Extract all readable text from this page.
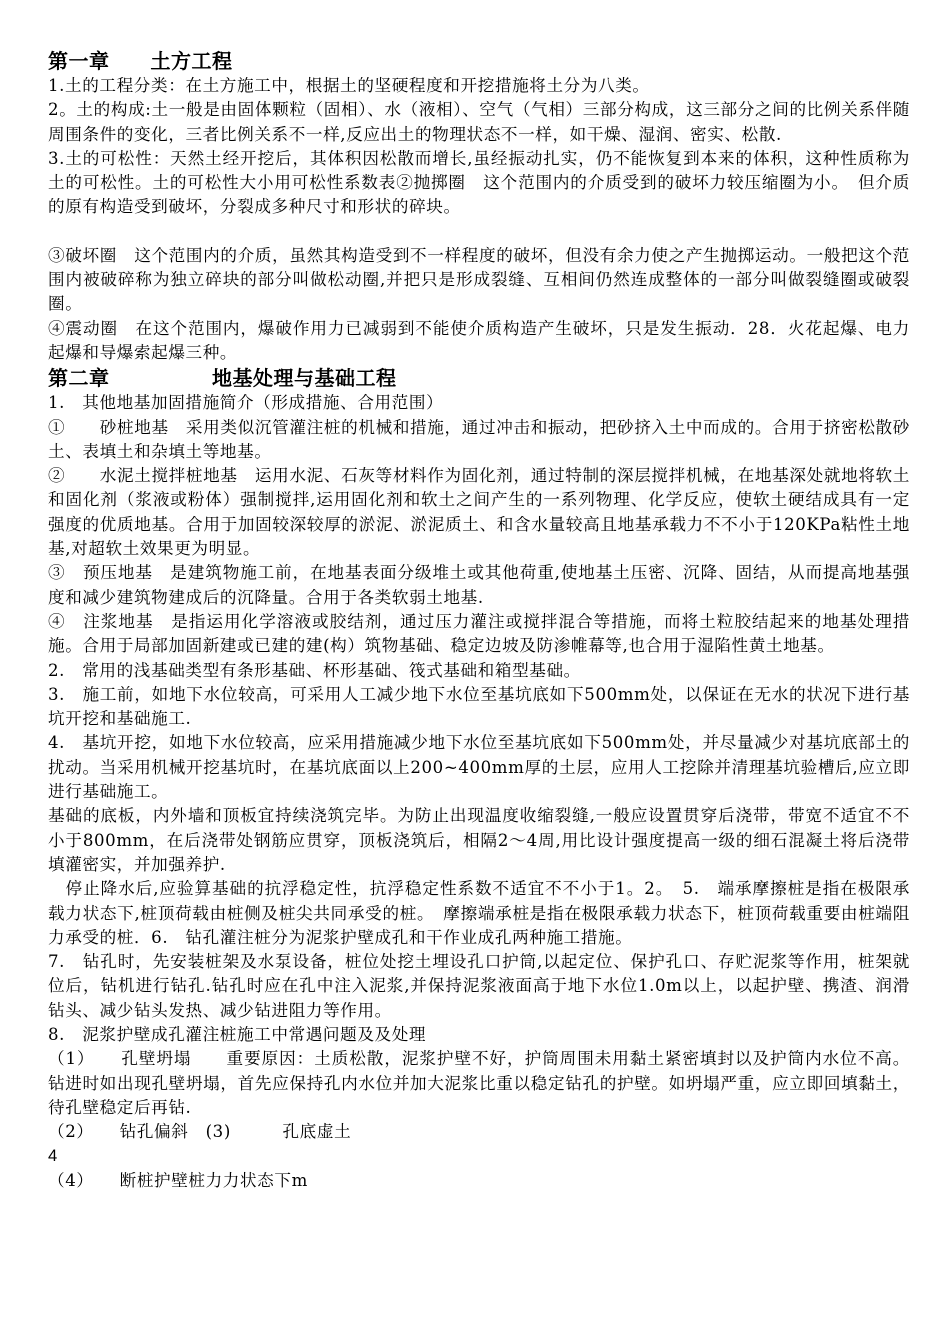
第一章　　土方工程

1.土的工程分类：在土方施工中，根据土的坚硬程度和开挖措施将土分为八类。

2。土的构成:土一般是由固体颗粒（固相）、水（液相）、空气（气相）三部分构成，这三部分之间的比例关系伴随周围条件的变化，三者比例关系不一样,反应出土的物理状态不一样，如干燥、湿润、密实、松散.

3.土的可松性：天然土经开挖后，其体积因松散而增长,虽经振动扎实，仍不能恢复到本来的体积，这种性质称为土的可松性。土的可松性大小用可松性系数表②抛掷圈　这个范围内的介质受到的破坏力较压缩圈为小。　但介质的原有构造受到破坏，分裂成多种尺寸和形状的碎块。

③破坏圈　这个范围内的介质，虽然其构造受到不一样程度的破坏，但没有余力使之产生抛掷运动。一般把这个范围内被破碎称为独立碎块的部分叫做松动圈,并把只是形成裂缝、互相间仍然连成整体的一部分叫做裂缝圈或破裂圈。

④震动圈　在这个范围内，爆破作用力已减弱到不能使介质构造产生破坏，只是发生振动．28．火花起爆、电力起爆和导爆索起爆三种。

第二章　　　　　地基处理与基础工程

1.　其他地基加固措施简介（形成措施、合用范围）

①　　砂桩地基　采用类似沉管灌注桩的机械和措施，通过冲击和振动，把砂挤入土中而成的。合用于挤密松散砂土、表填土和杂填土等地基。

②　　水泥土搅拌桩地基　运用水泥、石灰等材料作为固化剂，通过特制的深层搅拌机械，在地基深处就地将软土和固化剂（浆液或粉体）强制搅拌,运用固化剂和软土之间产生的一系列物理、化学反应，使软土硬结成具有一定强度的优质地基。合用于加固较深较厚的淤泥、淤泥质土、和含水量较高且地基承载力不不小于120KPa粘性土地基,对超软土效果更为明显。

③　预压地基　是建筑物施工前，在地基表面分级堆土或其他荷重,使地基土压密、沉降、固结，从而提高地基强度和减少建筑物建成后的沉降量。合用于各类软弱土地基.

④　注浆地基　是指运用化学溶液或胶结剂，通过压力灌注或搅拌混合等措施，而将土粒胶结起来的地基处理措施。合用于局部加固新建或已建的建(构）筑物基础、稳定边坡及防渗帷幕等,也合用于湿陷性黄土地基。

2.　常用的浅基础类型有条形基础、杯形基础、筏式基础和箱型基础。

3.　施工前，如地下水位较高，可采用人工减少地下水位至基坑底如下500mm处，以保证在无水的状况下进行基坑开挖和基础施工.

4.　基坑开挖，如地下水位较高，应采用措施减少地下水位至基坑底如下500mm处，并尽量减少对基坑底部土的扰动。当采用机械开挖基坑时，在基坑底面以上200~400mm厚的土层，应用人工挖除并清理基坑验槽后,应立即进行基础施工。

基础的底板，内外墙和顶板宜持续浇筑完毕。为防止出现温度收缩裂缝,一般应设置贯穿后浇带，带宽不适宜不不小于800mm，在后浇带处钢筋应贯穿，顶板浇筑后，相隔2～4周,用比设计强度提高一级的细石混凝土将后浇带填灌密实，并加强养护.

　停止降水后,应验算基础的抗浮稳定性，抗浮稳定性系数不适宜不不小于1。2。　5.　端承摩擦桩是指在极限承载力状态下,桩顶荷载由桩侧及桩尖共同承受的桩。　摩擦端承桩是指在极限承载力状态下，桩顶荷载重要由桩端阻力承受的桩．6.　钻孔灌注桩分为泥浆护壁成孔和干作业成孔两种施工措施。

7.　钻孔时，先安装桩架及水泵设备，桩位处挖土埋设孔口护筒,以起定位、保护孔口、存贮泥浆等作用，桩架就位后，钻机进行钻孔.钻孔时应在孔中注入泥浆,并保持泥浆液面高于地下水位1.0m以上，以起护壁、携渣、润滑钻头、减少钻头发热、减少钻进阻力等作用。

8.　泥浆护壁成孔灌注桩施工中常遇问题及及处理

（1）　　孔壁坍塌　　重要原因：土质松散，泥浆护壁不好，护筒周围未用黏土紧密填封以及护筒内水位不高。钻进时如出现孔壁坍塌，首先应保持孔内水位并加大泥浆比重以稳定钻孔的护壁。如坍塌严重，应立即回填黏土，待孔壁稳定后再钻.

（2）　　钻孔偏斜　(3)　　　孔底虚土

4

（4）　　断桩护壁桩力力状态下m
